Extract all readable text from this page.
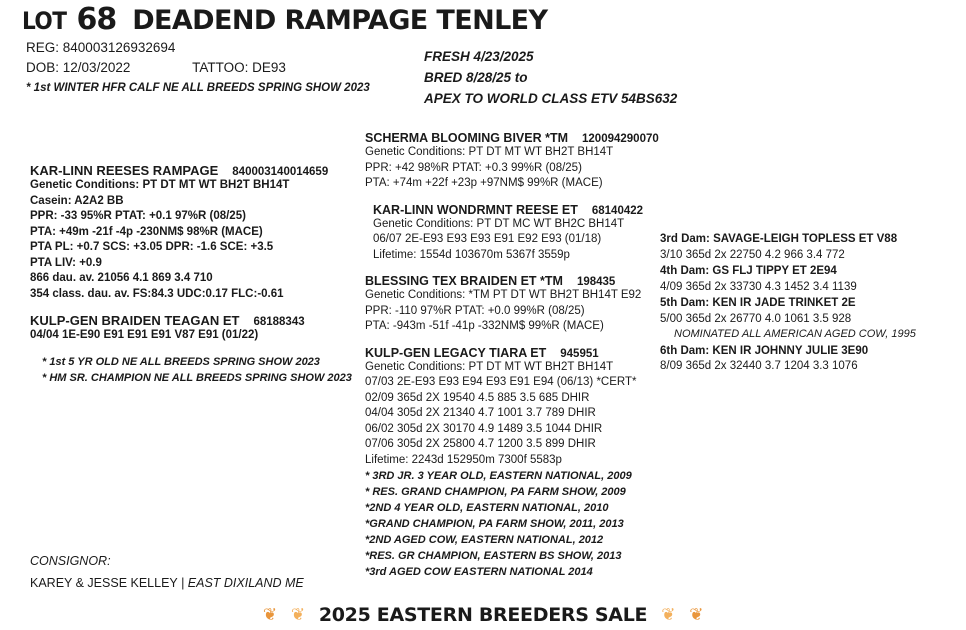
LOT 68 DEADEND RAMPAGE TENLEY
REG: 840003126932694
DOB: 12/03/2022	TATTOO: DE93
* 1st WINTER HFR CALF NE ALL BREEDS SPRING SHOW 2023
FRESH 4/23/2025
BRED 8/28/25 to
APEX TO WORLD CLASS ETV 54BS632
SCHERMA BLOOMING BIVER *TM 120094290070
Genetic Conditions: PT DT MT WT BH2T BH14T
PPR: +42 98%R PTAT: +0.3 99%R (08/25)
PTA: +74m +22f +23p +97NM$ 99%R (MACE)
KAR-LINN WONDRMNT REESE ET 68140422
Genetic Conditions: PT DT MC WT BH2C BH14T
06/07 2E-E93 E93 E93 E91 E92 E93 (01/18)
Lifetime: 1554d 103670m 5367f 3559p
BLESSING TEX BRAIDEN ET *TM 198435
Genetic Conditions: *TM PT DT WT BH2T BH14T E92
PPR: -110 97%R PTAT: +0.0 99%R (08/25)
PTA: -943m -51f -41p -332NM$ 99%R (MACE)
KULP-GEN LEGACY TIARA ET 945951
Genetic Conditions: PT DT MT WT BH2T BH14T
07/03 2E-E93 E93 E94 E93 E91 E94 (06/13) *CERT*
02/09 365d 2X 19540 4.5 885 3.5 685 DHIR
04/04 305d 2X 21340 4.7 1001 3.7 789 DHIR
06/02 305d 2X 30170 4.9 1489 3.5 1044 DHIR
07/06 305d 2X 25800 4.7 1200 3.5 899 DHIR
Lifetime: 2243d 152950m 7300f 5583p
* 3RD JR. 3 YEAR OLD, EASTERN NATIONAL, 2009
* RES. GRAND CHAMPION, PA FARM SHOW, 2009
*2ND 4 YEAR OLD, EASTERN NATIONAL, 2010
*GRAND CHAMPION, PA FARM SHOW, 2011, 2013
*2ND AGED COW, EASTERN NATIONAL, 2012
*RES. GR CHAMPION, EASTERN BS SHOW, 2013
*3rd AGED COW EASTERN NATIONAL 2014
KAR-LINN REESES RAMPAGE 840003140014659
Genetic Conditions: PT DT MT WT BH2T BH14T
Casein: A2A2 BB
PPR: -33 95%R PTAT: +0.1 97%R (08/25)
PTA: +49m -21f -4p -230NM$ 98%R (MACE)
PTA PL: +0.7 SCS: +3.05 DPR: -1.6 SCE: +3.5
PTA LIV: +0.9
866 dau. av. 21056 4.1 869 3.4 710
354 class. dau. av. FS:84.3 UDC:0.17 FLC:-0.61
KULP-GEN BRAIDEN TEAGAN ET 68188343
04/04 1E-E90 E91 E91 E91 V87 E91 (01/22)
* 1st 5 YR OLD NE ALL BREEDS SPRING SHOW 2023
* HM SR. CHAMPION NE ALL BREEDS SPRING SHOW 2023
3rd Dam: SAVAGE-LEIGH TOPLESS ET V88
3/10 365d 2x 22750 4.2 966 3.4 772
4th Dam: GS FLJ TIPPY ET 2E94
4/09 365d 2x 33730 4.3 1452 3.4 1139
5th Dam: KEN IR JADE TRINKET 2E
5/00 365d 2x 26770 4.0 1061 3.5 928
NOMINATED ALL AMERICAN AGED COW, 1995
6th Dam: KEN IR JOHNNY JULIE 3E90
8/09 365d 2x 32440 3.7 1204 3.3 1076
CONSIGNOR:
KAREY & JESSE KELLEY | EAST DIXILAND ME
❦ ❦ 2025 EASTERN BREEDERS SALE ❦ ❦
